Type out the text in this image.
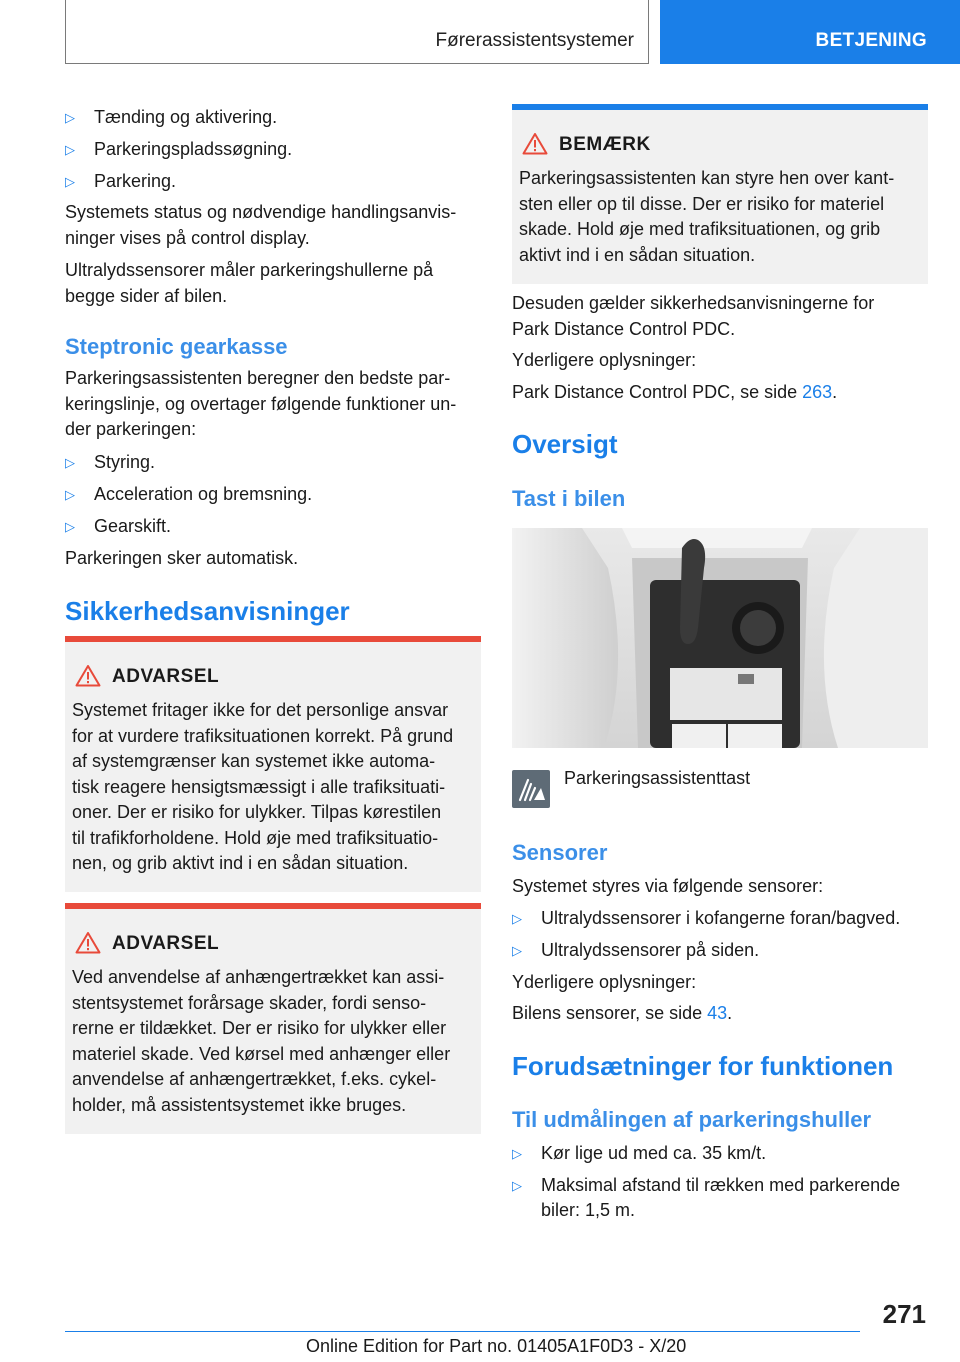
Førerassistentsystemer	BETJENING
▷ Tænding og aktivering.
▷ Parkeringspladssøgning.
▷ Parkering.
Systemets status og nødvendige handlingsanvis-
ninger vises på control display.
Ultralydssensorer måler parkeringshullerne på
begge sider af bilen.
Steptronic gearkasse
Parkeringsassistenten beregner den bedste par-
keringslinje, og overtager følgende funktioner un-
der parkeringen:
▷ Styring.
▷ Acceleration og bremsning.
▷ Gearskift.
Parkeringen sker automatisk.
Sikkerhedsanvisninger
ADVARSEL
Systemet fritager ikke for det personlige ansvar
for at vurdere trafiksituationen korrekt. På grund
af systemgrænser kan systemet ikke automa-
tisk reagere hensigtsmæssigt i alle trafiksituati-
oner. Der er risiko for ulykker. Tilpas kørestilen
til trafikforholdene. Hold øje med trafiksituatio-
nen, og grib aktivt ind i en sådan situation.
ADVARSEL
Ved anvendelse af anhængertrækket kan assi-
stentsystemet forårsage skader, fordi senso-
rerne er tildækket. Der er risiko for ulykker eller
materiel skade. Ved kørsel med anhænger eller
anvendelse af anhængertrækket, f.eks. cykel-
holder, må assistentsystemet ikke bruges.
BEMÆRK
Parkeringsassistenten kan styre hen over kant-
sten eller op til disse. Der er risiko for materiel
skade. Hold øje med trafiksituationen, og grib
aktivt ind i en sådan situation.
Desuden gælder sikkerhedsanvisningerne for
Park Distance Control PDC.
Yderligere oplysninger:
Park Distance Control PDC, se side 263.
Oversigt
Tast i bilen
Parkeringsassistenttast
Sensorer
Systemet styres via følgende sensorer:
▷ Ultralydssensorer i kofangerne foran/bagved.
▷ Ultralydssensorer på siden.
Yderligere oplysninger:
Bilens sensorer, se side 43.
Forudsætninger for funktionen
Til udmålingen af parkeringshuller
▷ Kør lige ud med ca. 35 km/t.
▷ Maksimal afstand til rækken med parkerende
biler: 1,5 m.
271
Online Edition for Part no. 01405A1F0D3 - X/20
